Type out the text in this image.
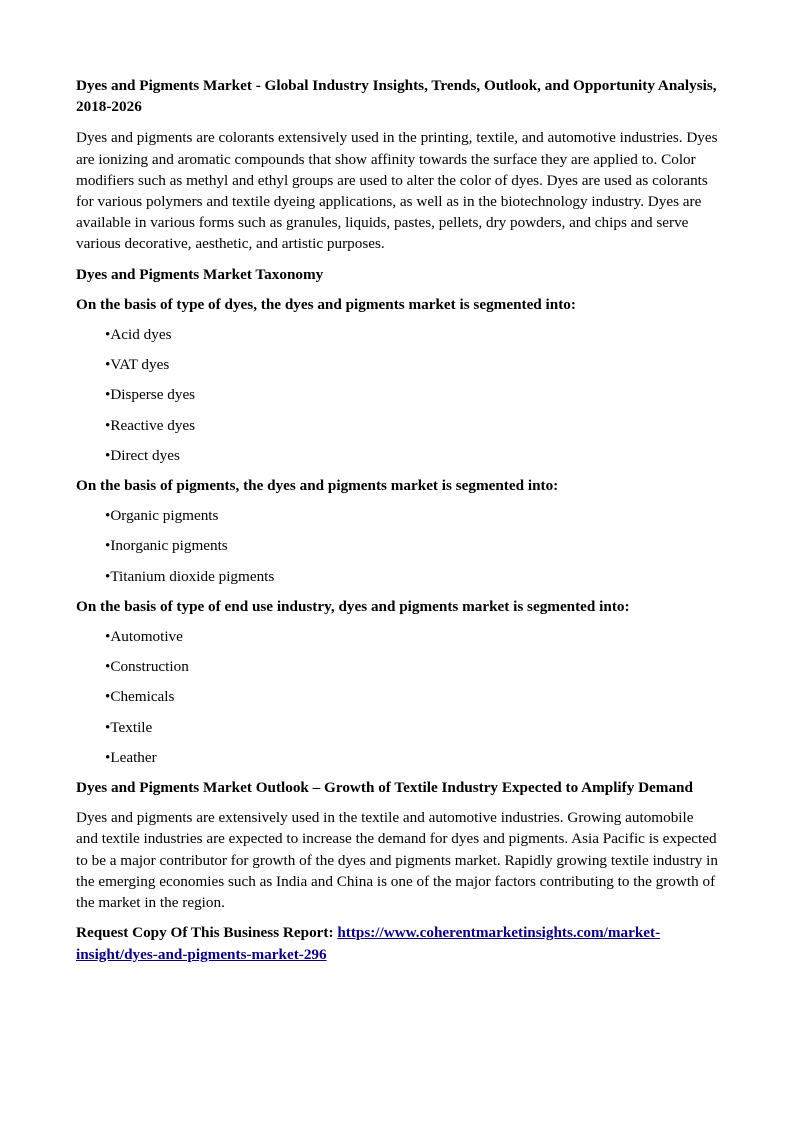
Dyes and Pigments Market - Global Industry Insights, Trends, Outlook, and Opportunity Analysis, 2018-2026

Dyes and pigments are colorants extensively used in the printing, textile, and automotive industries. Dyes are ionizing and aromatic compounds that show affinity towards the surface they are applied to. Color modifiers such as methyl and ethyl groups are used to alter the color of dyes. Dyes are used as colorants for various polymers and textile dyeing applications, as well as in the biotechnology industry. Dyes are available in various forms such as granules, liquids, pastes, pellets, dry powders, and chips and serve various decorative, aesthetic, and artistic purposes.

Dyes and Pigments Market Taxonomy

On the basis of type of dyes, the dyes and pigments market is segmented into:

•Acid dyes

•VAT dyes

•Disperse dyes

•Reactive dyes

•Direct dyes

On the basis of pigments, the dyes and pigments market is segmented into:

•Organic pigments

•Inorganic pigments

•Titanium dioxide pigments

On the basis of type of end use industry, dyes and pigments market is segmented into:

•Automotive

•Construction

•Chemicals

•Textile

•Leather

Dyes and Pigments Market Outlook – Growth of Textile Industry Expected to Amplify Demand

Dyes and pigments are extensively used in the textile and automotive industries. Growing automobile and textile industries are expected to increase the demand for dyes and pigments. Asia Pacific is expected to be a major contributor for growth of the dyes and pigments market. Rapidly growing textile industry in the emerging economies such as India and China is one of the major factors contributing to the growth of the market in the region.

Request Copy Of This Business Report: https://www.coherentmarketinsights.com/market-insight/dyes-and-pigments-market-296
